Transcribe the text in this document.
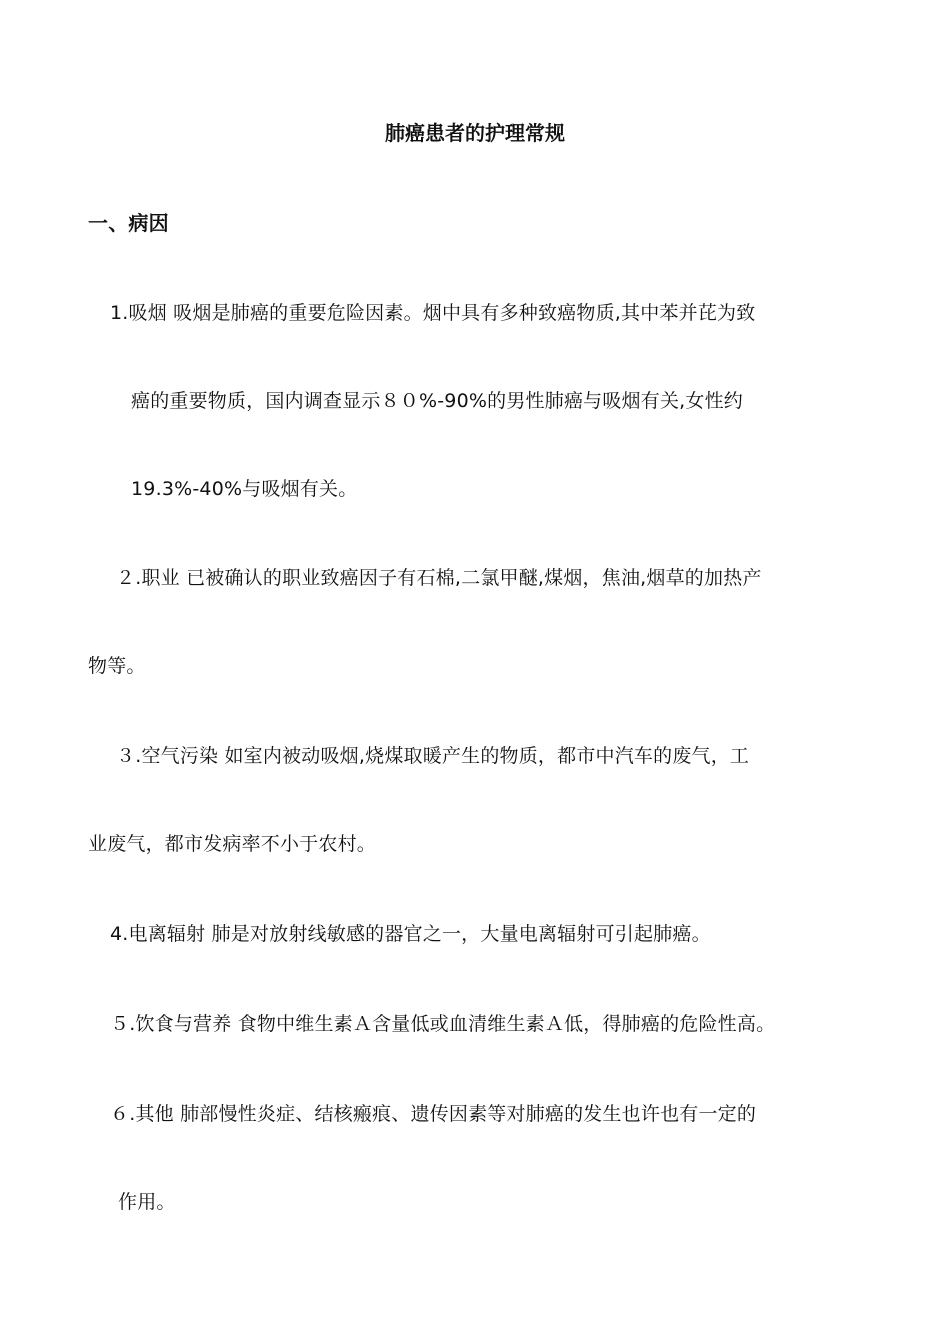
肺癌患者的护理常规
一、病因
1.吸烟 吸烟是肺癌的重要危险因素。烟中具有多种致癌物质,其中苯并芘为致
癌的重要物质，国内调查显示８０%-90%的男性肺癌与吸烟有关,女性约
19.3%-40%与吸烟有关。
２.职业 已被确认的职业致癌因子有石棉,二氯甲醚,煤烟，焦油,烟草的加热产
物等。
３.空气污染 如室内被动吸烟,烧煤取暖产生的物质，都市中汽车的废气，工
业废气，都市发病率不小于农村。
4.电离辐射 肺是对放射线敏感的器官之一，大量电离辐射可引起肺癌。
５.饮食与营养 食物中维生素Ａ含量低或血清维生素Ａ低，得肺癌的危险性高。
６.其他 肺部慢性炎症、结核瘢痕、遗传因素等对肺癌的发生也许也有一定的
作用。
